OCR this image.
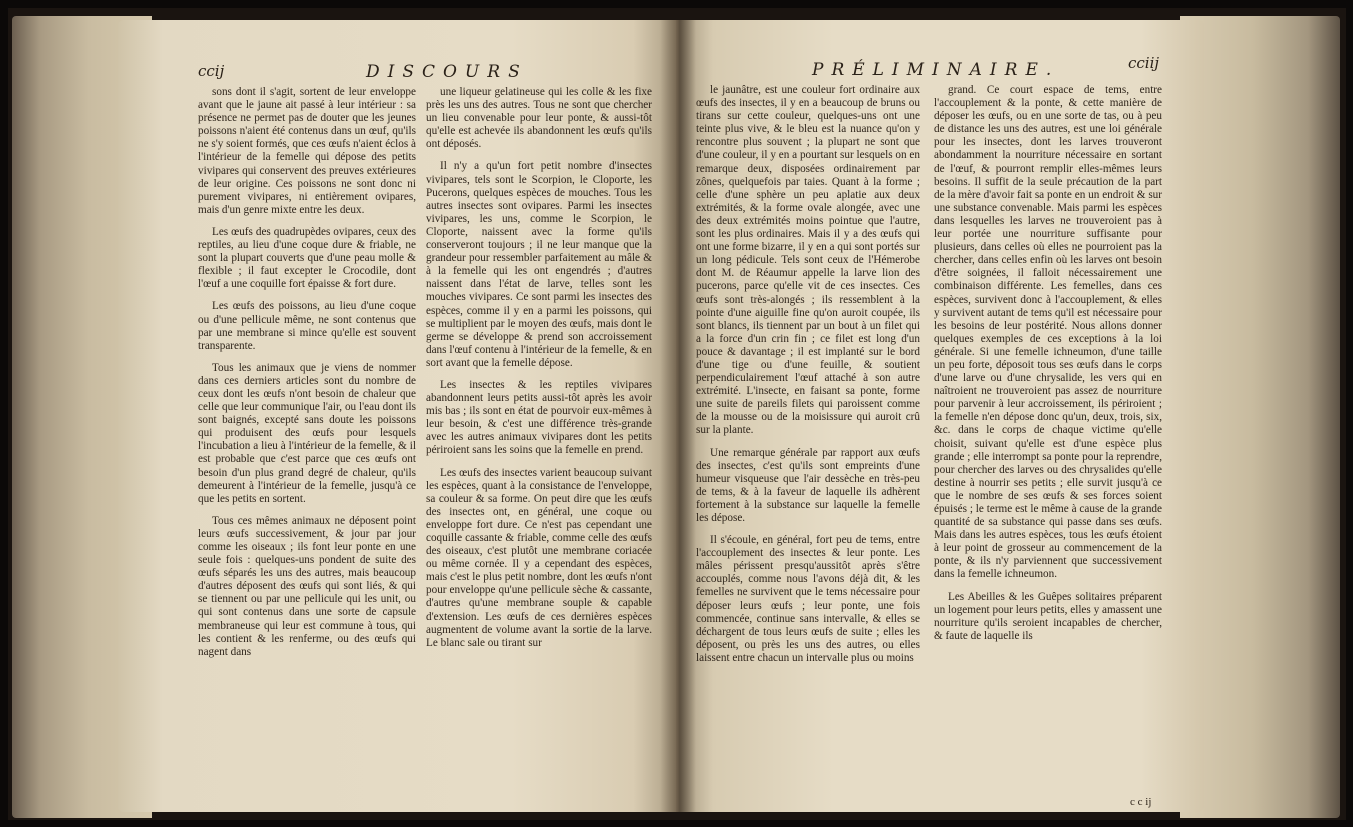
ccij	DISCOURS	PRÉLIMINAIRE.	cciij

sons dont il s'agit, sortent de leur enveloppe avant que le jaune ait passé à leur intérieur : sa présence ne permet pas de douter que les jeunes poissons n'aient été contenus dans un œuf, qu'ils ne s'y soient formés, que ces œufs n'aient éclos à l'intérieur de la femelle qui dépose des petits vivipares qui conservent des preuves extérieures de leur origine. Ces poissons ne sont donc ni purement vivipares, ni entièrement ovipares, mais d'un genre mixte entre les deux.

Les œufs des quadrupèdes ovipares, ceux des reptiles, au lieu d'une coque dure & friable, ne sont la plupart couverts que d'une peau molle & flexible ; il faut excepter le Crocodile, dont l'œuf a une coquille fort épaisse & fort dure.

Les œufs des poissons, au lieu d'une coque ou d'une pellicule même, ne sont contenus que par une membrane si mince qu'elle est souvent transparente.

Tous les animaux que je viens de nommer dans ces derniers articles sont du nombre de ceux dont les œufs n'ont besoin de chaleur que celle que leur communique l'air, ou l'eau dont ils sont baignés, excepté sans doute les poissons qui produisent des œufs pour lesquels l'incubation a lieu à l'intérieur de la femelle, & il est probable que c'est parce que ces œufs ont besoin d'un plus grand degré de chaleur, qu'ils demeurent à l'intérieur de la femelle, jusqu'à ce que les petits en sortent.

Tous ces mêmes animaux ne déposent point leurs œufs successivement, & jour par jour comme les oiseaux ; ils font leur ponte en une seule fois : quelques-uns pondent de suite des œufs séparés les uns des autres, mais beaucoup d'autres déposent des œufs qui sont liés, & qui se tiennent ou par une pellicule qui les unit, ou qui sont contenus dans une sorte de capsule membraneuse qui leur est commune à tous, qui les contient & les renferme, ou des œufs qui nagent dans

une liqueur gelatineuse qui les colle & les fixe près les uns des autres. Tous ne sont que chercher un lieu convenable pour leur ponte, & aussi-tôt qu'elle est achevée ils abandonnent les œufs qu'ils ont déposés.

Il n'y a qu'un fort petit nombre d'insectes vivipares, tels sont le Scorpion, le Cloporte, les Pucerons, quelques espèces de mouches. Tous les autres insectes sont ovipares. Parmi les insectes vivipares, les uns, comme le Scorpion, le Cloporte, naissent avec la forme qu'ils conserveront toujours ; il ne leur manque que la grandeur pour ressembler parfaitement au mâle & à la femelle qui les ont engendrés ; d'autres naissent dans l'état de larve, telles sont les mouches vivipares. Ce sont parmi les insectes des espèces, comme il y en a parmi les poissons, qui se multiplient par le moyen des œufs, mais dont le germe se développe & prend son accroissement dans l'œuf contenu à l'intérieur de la femelle, & en sort avant que la femelle dépose.

Les insectes & les reptiles vivipares abandonnent leurs petits aussi-tôt après les avoir mis bas ; ils sont en état de pourvoir eux-mêmes à leur besoin, & c'est une différence très-grande avec les autres animaux vivipares dont les petits périroient sans les soins que la femelle en prend.

Les œufs des insectes varient beaucoup suivant les espèces, quant à la consistance de l'enveloppe, sa couleur & sa forme. On peut dire que les œufs des insectes ont, en général, une coque ou enveloppe fort dure. Ce n'est pas cependant une coquille cassante & friable, comme celle des œufs des oiseaux, c'est plutôt une membrane coriacée ou même cornée. Il y a cependant des espèces, mais c'est le plus petit nombre, dont les œufs n'ont pour enveloppe qu'une pellicule sèche & cassante, d'autres qu'une membrane souple & capable d'extension. Les œufs de ces dernières espèces augmentent de volume avant la sortie de la larve. Le blanc sale ou tirant sur

le jaunâtre, est une couleur fort ordinaire aux œufs des insectes, il y en a beaucoup de bruns ou tirans sur cette couleur, quelques-uns ont une teinte plus vive, & le bleu est la nuance qu'on y rencontre plus souvent ; la plupart ne sont que d'une couleur, il y en a pourtant sur lesquels on en remarque deux, disposées ordinairement par zônes, quelquefois par taies. Quant à la forme ; celle d'une sphère un peu aplatie aux deux extrémités, & la forme ovale alongée, avec une des deux extrémités moins pointue que l'autre, sont les plus ordinaires. Mais il y a des œufs qui ont une forme bizarre, il y en a qui sont portés sur un long pédicule. Tels sont ceux de l'Hémerobe dont M. de Réaumur appelle la larve lion des pucerons, parce qu'elle vit de ces insectes. Ces œufs sont très-alongés ; ils ressemblent à la pointe d'une aiguille fine qu'on auroit coupée, ils sont blancs, ils tiennent par un bout à un filet qui a la force d'un crin fin ; ce filet est long d'un pouce & davantage ; il est implanté sur le bord d'une tige ou d'une feuille, & soutient perpendiculairement l'œuf attaché à son autre extrémité. L'insecte, en faisant sa ponte, forme une suite de pareils filets qui paroissent comme de la mousse ou de la moisissure qui auroit crû sur la plante.

Une remarque générale par rapport aux œufs des insectes, c'est qu'ils sont empreints d'une humeur visqueuse que l'air dessèche en très-peu de tems, & à la faveur de laquelle ils adhèrent fortement à la substance sur laquelle la femelle les dépose.

Il s'écoule, en général, fort peu de tems, entre l'accouplement des insectes & leur ponte. Les mâles périssent presqu'aussitôt après s'être accouplés, comme nous l'avons déjà dit, & les femelles ne survivent que le tems nécessaire pour déposer leurs œufs ; leur ponte, une fois commencée, continue sans intervalle, & elles se déchargent de tous leurs œufs de suite ; elles les déposent, ou près les uns des autres, ou elles laissent entre chacun un intervalle plus ou moins

grand. Ce court espace de tems, entre l'accouplement & la ponte, & cette manière de déposer les œufs, ou en une sorte de tas, ou à peu de distance les uns des autres, est une loi générale pour les insectes, dont les larves trouveront abondamment la nourriture nécessaire en sortant de l'œuf, & pourront remplir elles-mêmes leurs besoins. Il suffit de la seule précaution de la part de la mère d'avoir fait sa ponte en un endroit & sur une substance convenable. Mais parmi les espèces dans lesquelles les larves ne trouveroient pas à leur portée une nourriture suffisante pour plusieurs, dans celles où elles ne pourroient pas la chercher, dans celles enfin où les larves ont besoin d'être soignées, il falloit nécessairement une combinaison différente. Les femelles, dans ces espèces, survivent donc à l'accouplement, & elles y survivent autant de tems qu'il est nécessaire pour les besoins de leur postérité. Nous allons donner quelques exemples de ces exceptions à la loi générale. Si une femelle ichneumon, d'une taille un peu forte, déposoit tous ses œufs dans le corps d'une larve ou d'une chrysalide, les vers qui en naîtroient ne trouveroient pas assez de nourriture pour parvenir à leur accroissement, ils périroient ; la femelle n'en dépose donc qu'un, deux, trois, six, &c. dans le corps de chaque victime qu'elle choisit, suivant qu'elle est d'une espèce plus grande ; elle interrompt sa ponte pour la reprendre, pour chercher des larves ou des chrysalides qu'elle destine à nourrir ses petits ; elle survit jusqu'à ce que le nombre de ses œufs & ses forces soient épuisés ; le terme est le même à cause de la grande quantité de sa substance qui passe dans ses œufs. Mais dans les autres espèces, tous les œufs étoient à leur point de grosseur au commencement de la ponte, & ils n'y parviennent que successivement dans la femelle ichneumon.

Les Abeilles & les Guêpes solitaires préparent un logement pour leurs petits, elles y amassent une nourriture qu'ils seroient incapables de chercher, & faute de laquelle ils

c c ij
